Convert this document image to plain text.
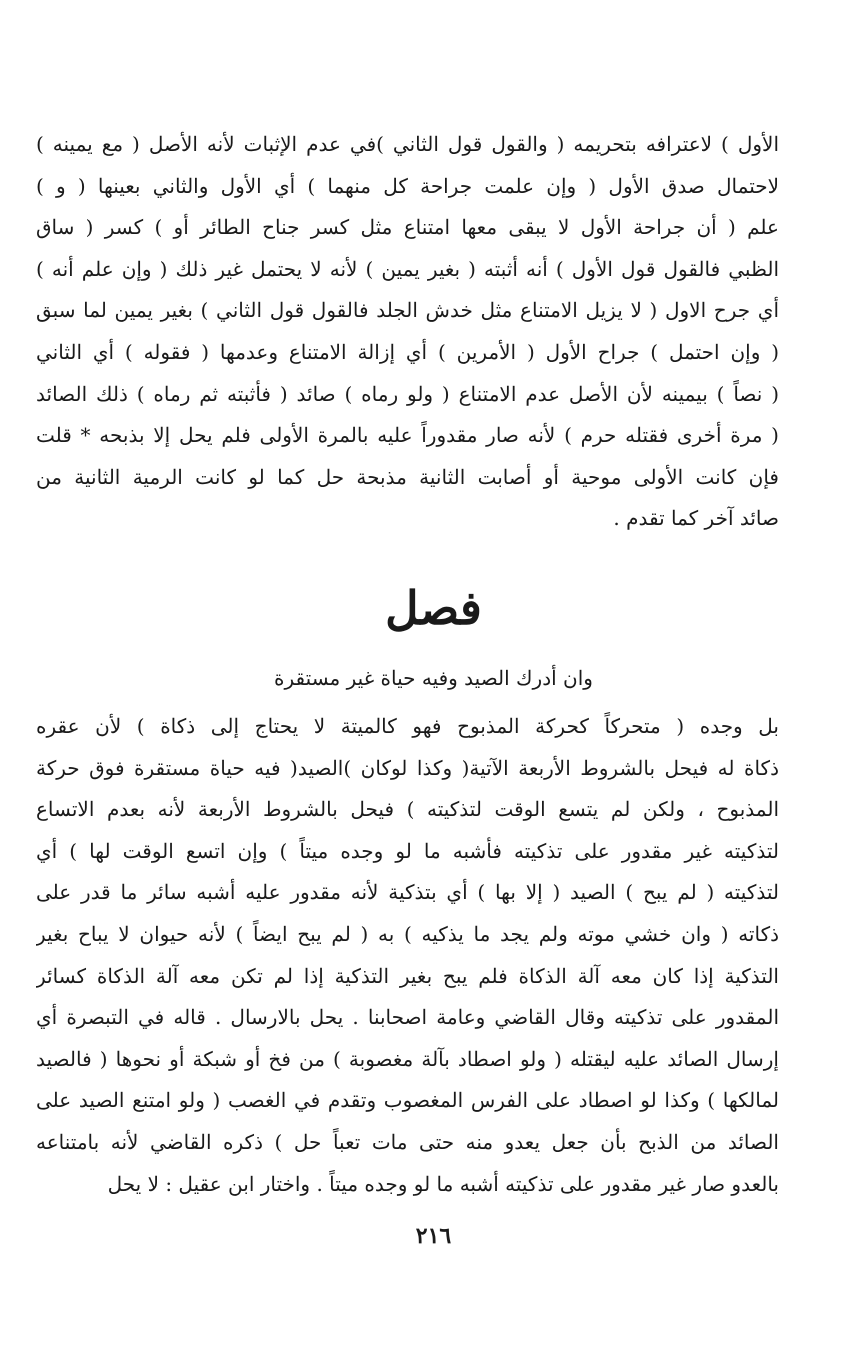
الأول ) لاعترافه بتحريمه ( والقول قول الثاني )في عدم الإثبات لأنه الأصل ( مع يمينه )
لاحتمال صدق الأول ( وإن علمت جراحة كل منهما ) أي الأول والثاني بعينها ( و )
علم ( أن جراحة الأول لا يبقى معها امتناع مثل كسر جناح الطائر أو ) كسر ( ساق
الظبي فالقول قول الأول ) أنه أثبته ( بغير يمين ) لأنه لا يحتمل غير ذلك ( وإن علم أنه )
أي جرح الاول ( لا يزيل الامتناع مثل خدش الجلد فالقول قول الثاني ) بغير يمين لما سبق
( وإن احتمل ) جراح الأول ( الأمرين ) أي إزالة الامتناع وعدمها ( فقوله ) أي الثاني
( نصاً ) بيمينه لأن الأصل عدم الامتناع ( ولو رماه ) صائد ( فأثبته ثم رماه ) ذلك الصائد
( مرة أخرى فقتله حرم ) لأنه صار مقدوراً عليه بالمرة الأولى فلم يحل إلا بذبحه * قلت
فإن كانت الأولى موحية أو أصابت الثانية مذبحة حل كما لو كانت الرمية الثانية من
صائد آخر كما تقدم .
فصل
وان أدرك الصيد وفيه حياة غير مستقرة
بل وجده ( متحركاً كحركة المذبوح فهو كالميتة لا يحتاج إلى ذكاة ) لأن عقره
ذكاة له فيحل بالشروط الأربعة الآتية( وكذا لوكان )الصيد( فيه حياة مستقرة فوق حركة
المذبوح ، ولكن لم يتسع الوقت لتذكيته ) فيحل بالشروط الأربعة لأنه بعدم الاتساع
لتذكيته غير مقدور على تذكيته فأشبه ما لو وجده ميتاً ) وإن اتسع الوقت لها ) أي
لتذكيته ( لم يبح ) الصيد ( إلا بها ) أي بتذكية لأنه مقدور عليه أشبه سائر ما قدر على
ذكاته ( وان خشي موته ولم يجد ما يذكيه ) به ( لم يبح ايضاً ) لأنه حيوان لا يباح بغير
التذكية إذا كان معه آلة الذكاة فلم يبح بغير التذكية إذا لم تكن معه آلة الذكاة كسائر
المقدور على تذكيته وقال القاضي وعامة اصحابنا . يحل بالارسال . قاله في التبصرة أي
إرسال الصائد عليه ليقتله ( ولو اصطاد بآلة مغصوبة ) من فخ أو شبكة أو نحوها ( فالصيد
لمالكها ) وكذا لو اصطاد على الفرس المغصوب وتقدم في الغصب ( ولو امتنع الصيد على
الصائد من الذبح بأن جعل يعدو منه حتى مات تعباً حل ) ذكره القاضي لأنه بامتناعه
بالعدو صار غير مقدور على تذكيته أشبه ما لو وجده ميتاً . واختار ابن عقيل : لا يحل
٢١٦
